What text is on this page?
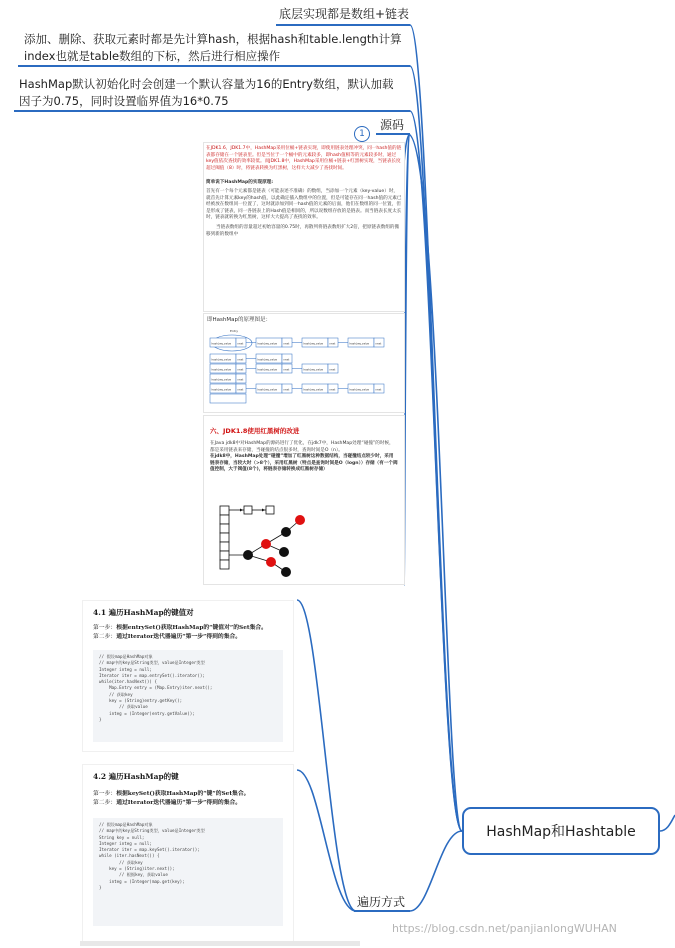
底层实现都是数组+链表
添加、删除、获取元素时都是先计算hash，根据hash和table.length计算
index也就是table数组的下标，然后进行相应操作
HashMap默认初始化时会创建一个默认容量为16的Entry数组，默认加载
因子为0.75，同时设置临界值为16*0.75
源码
1
遍历方式
HashMap和Hashtable
在JDK1.6，JDK1.7中，HashMap采用位桶+链表实现，即使用链表处理冲突，同一hash值的链表都存储在一个链表里。但是当位于一个桶中的元素较多，即hash值相等的元素较多时，通过key值依次查找的效率较低。而JDK1.8中，HashMap采用位桶+链表+红黑树实现，当链表长度超过阈值（8）时，将链表转换为红黑树，这样大大减少了查找时间。
简单说下HashMap的实现原理:
首先有一个每个元素都是链表（可能表述不准确）的数组，当添加一个元素（key-value）时，就首先计算元素key的hash值，以此确定插入数组中的位置，但是可能存在同一hash值的元素已经被放在数组同一位置了，这时就添加到同一hash值的元素的后面，他们在数组的同一位置，但是形成了链表，同一各链表上的Hash值是相同的，所以说数组存放的是链表。而当链表长度太长时，链表就转换为红黑树，这样大大提高了查找的效率。
当链表数组的容量超过初始容量的0.75时，再散列将链表数组扩大2倍，把原链表数组的搬移到新的数组中
即HashMap的原理图是：
Entry
hash,key,value next	hash,key,value next	hash,key,value next	hash,key,value next
hash,key,value next	hash,key,value next
hash,key,value next	hash,key,value next	hash,key,value next
hash,key,value next
hash,key,value next	hash,key,value next	hash,key,value next	hash,key,value next
六、JDK1.8使用红黑树的改进
在Java jdk8中对HashMap的源码进行了优化，在jdk7中，HashMap处理“碰撞”的时候，都是采用链表来存储，当碰撞的结点很多时，查询时间是O（n）。
在jdk8中，HashMap处理“碰撞”增加了红黑树这种数据结构，当碰撞结点较少时，采用链表存储，当较大时（>8个），采用红黑树（特点是查询时间是O（logn））存储（有一个阀值控制，大于阀值(8个)，将链表存储转换成红黑树存储）
4.1 遍历HashMap的键值对
第一步：根据entrySet()获取HashMap的“键值对”的Set集合。
第二步：通过Iterator迭代器遍历“第一步”得到的集合。
// 假设map是HashMap对象
// map中的key是String类型，value是Integer类型
Integer integ = null;
Iterator iter = map.entrySet().iterator();
while(iter.hasNext()) {
Map.Entry entry = (Map.Entry)iter.next();
// 获取key
key = (String)entry.getKey();
// 获取value
integ = (Integer)entry.getValue();
}
4.2 遍历HashMap的键
第一步：根据keySet()获取HashMap的“键”的Set集合。
第二步：通过Iterator迭代器遍历“第一步”得到的集合。
// 假设map是HashMap对象
// map中的key是String类型，value是Integer类型
String key = null;
Integer integ = null;
Iterator iter = map.keySet().iterator();
while (iter.hasNext()) {
// 获取key
key = (String)iter.next();
// 根据key，获取value
integ = (Integer)map.get(key);
}
https://blog.csdn.net/panjianlongWUHAN
